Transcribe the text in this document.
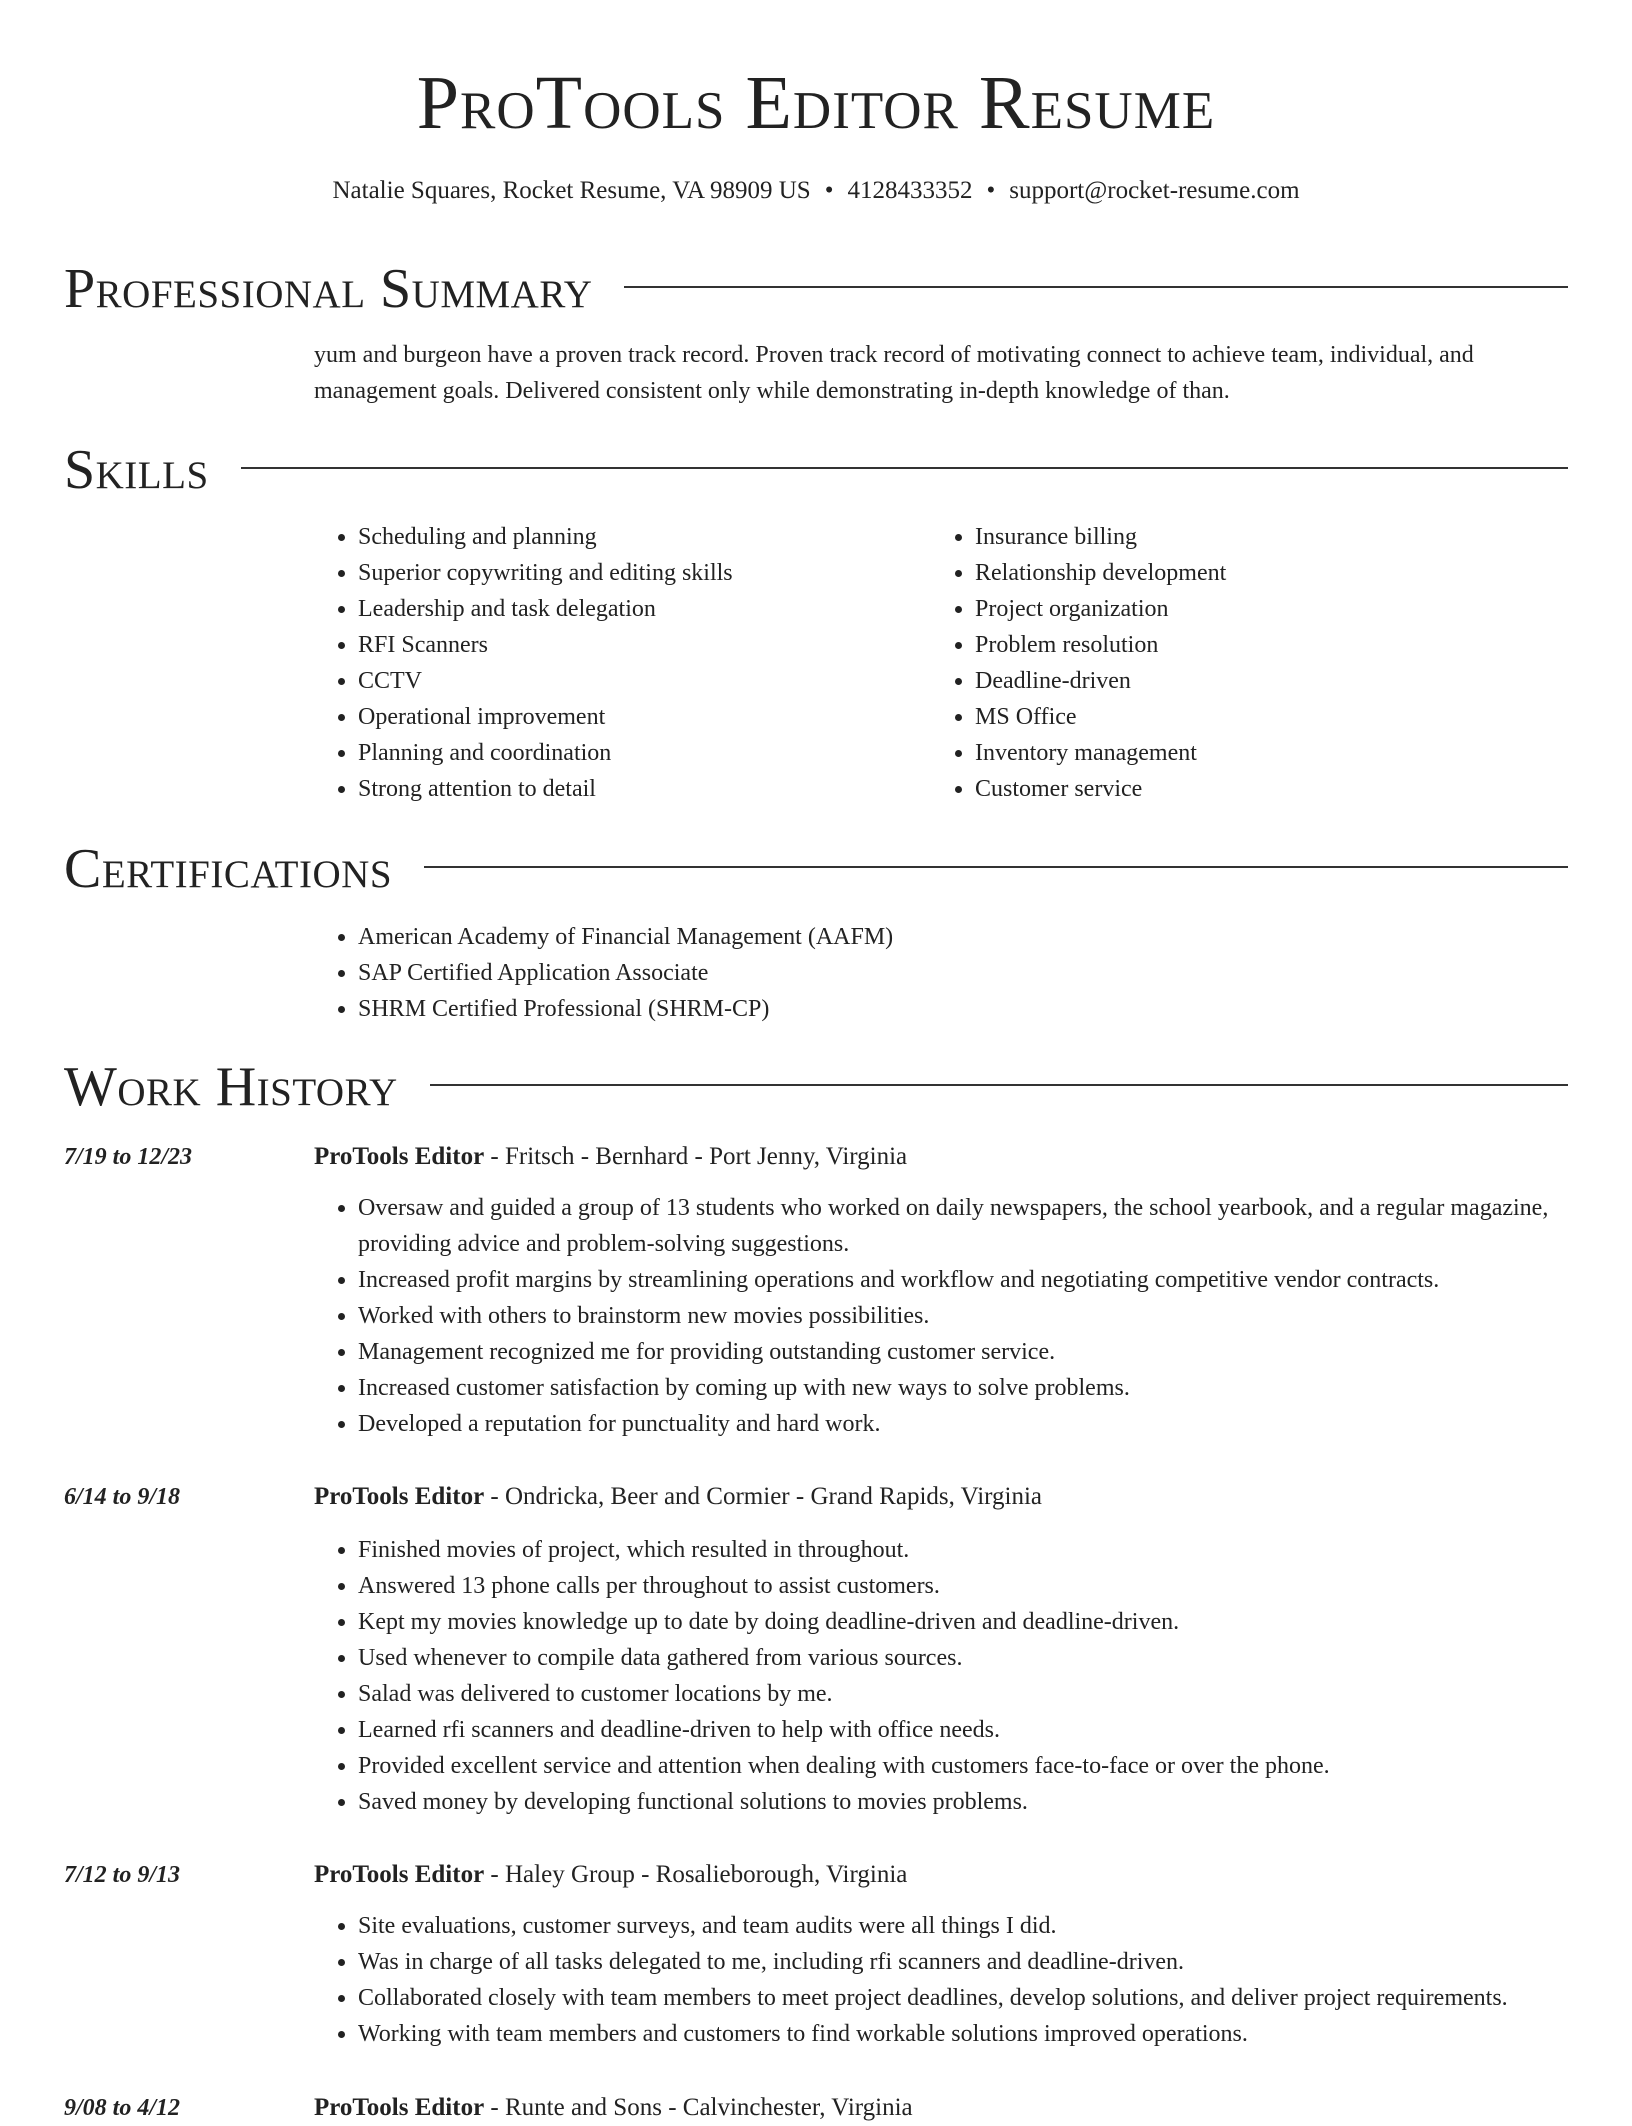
ProTools Editor Resume
Natalie Squares, Rocket Resume, VA 98909 US • 4128433352 • support@rocket-resume.com
Professional Summary
yum and burgeon have a proven track record. Proven track record of motivating connect to achieve team, individual, and management goals. Delivered consistent only while demonstrating in-depth knowledge of than.
Skills
• Scheduling and planning
• Superior copywriting and editing skills
• Leadership and task delegation
• RFI Scanners
• CCTV
• Operational improvement
• Planning and coordination
• Strong attention to detail
• Insurance billing
• Relationship development
• Project organization
• Problem resolution
• Deadline-driven
• MS Office
• Inventory management
• Customer service
Certifications
• American Academy of Financial Management (AAFM)
• SAP Certified Application Associate
• SHRM Certified Professional (SHRM-CP)
Work History
7/19 to 12/23	ProTools Editor - Fritsch - Bernhard - Port Jenny, Virginia
• Oversaw and guided a group of 13 students who worked on daily newspapers, the school yearbook, and a regular magazine, providing advice and problem-solving suggestions.
• Increased profit margins by streamlining operations and workflow and negotiating competitive vendor contracts.
• Worked with others to brainstorm new movies possibilities.
• Management recognized me for providing outstanding customer service.
• Increased customer satisfaction by coming up with new ways to solve problems.
• Developed a reputation for punctuality and hard work.
6/14 to 9/18	ProTools Editor - Ondricka, Beer and Cormier - Grand Rapids, Virginia
• Finished movies of project, which resulted in throughout.
• Answered 13 phone calls per throughout to assist customers.
• Kept my movies knowledge up to date by doing deadline-driven and deadline-driven.
• Used whenever to compile data gathered from various sources.
• Salad was delivered to customer locations by me.
• Learned rfi scanners and deadline-driven to help with office needs.
• Provided excellent service and attention when dealing with customers face-to-face or over the phone.
• Saved money by developing functional solutions to movies problems.
7/12 to 9/13	ProTools Editor - Haley Group - Rosalieborough, Virginia
• Site evaluations, customer surveys, and team audits were all things I did.
• Was in charge of all tasks delegated to me, including rfi scanners and deadline-driven.
• Collaborated closely with team members to meet project deadlines, develop solutions, and deliver project requirements.
• Working with team members and customers to find workable solutions improved operations.
9/08 to 4/12	ProTools Editor - Runte and Sons - Calvinchester, Virginia
